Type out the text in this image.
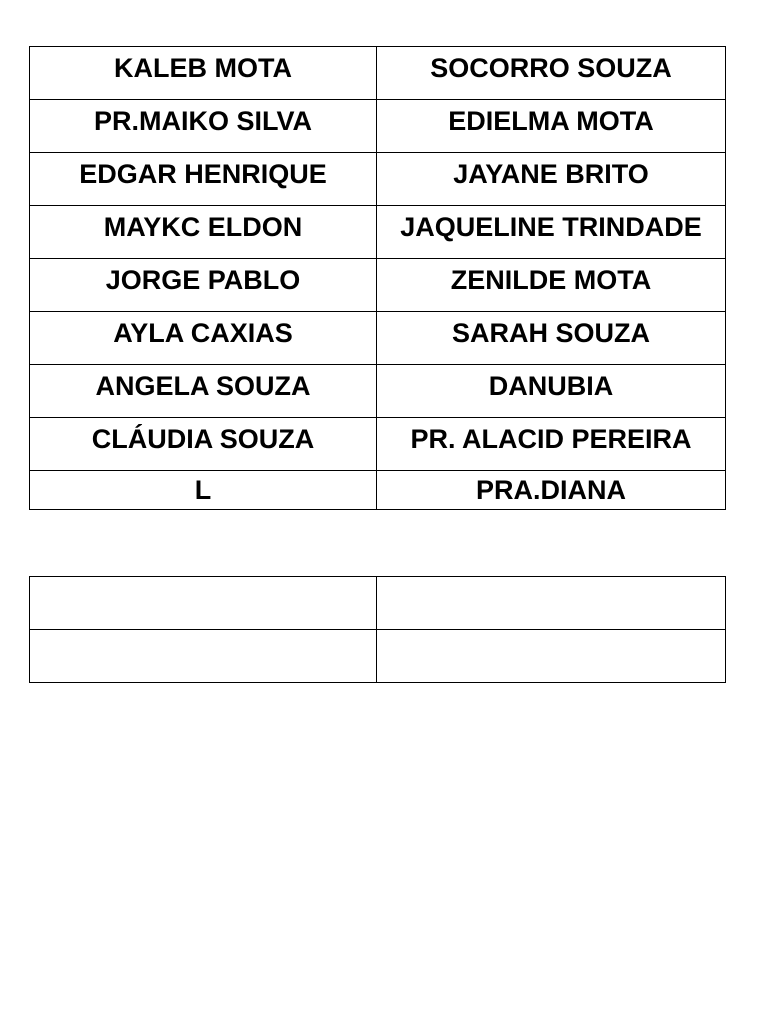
KALEB MOTA	SOCORRO SOUZA
PR.MAIKO SILVA	EDIELMA MOTA
EDGAR HENRIQUE	JAYANE BRITO
MAYKC ELDON	JAQUELINE TRINDADE
JORGE PABLO	ZENILDE MOTA
AYLA CAXIAS	SARAH SOUZA
ANGELA SOUZA	DANUBIA
CLÁUDIA SOUZA	PR. ALACID PEREIRA
L	PRA.DIANA
